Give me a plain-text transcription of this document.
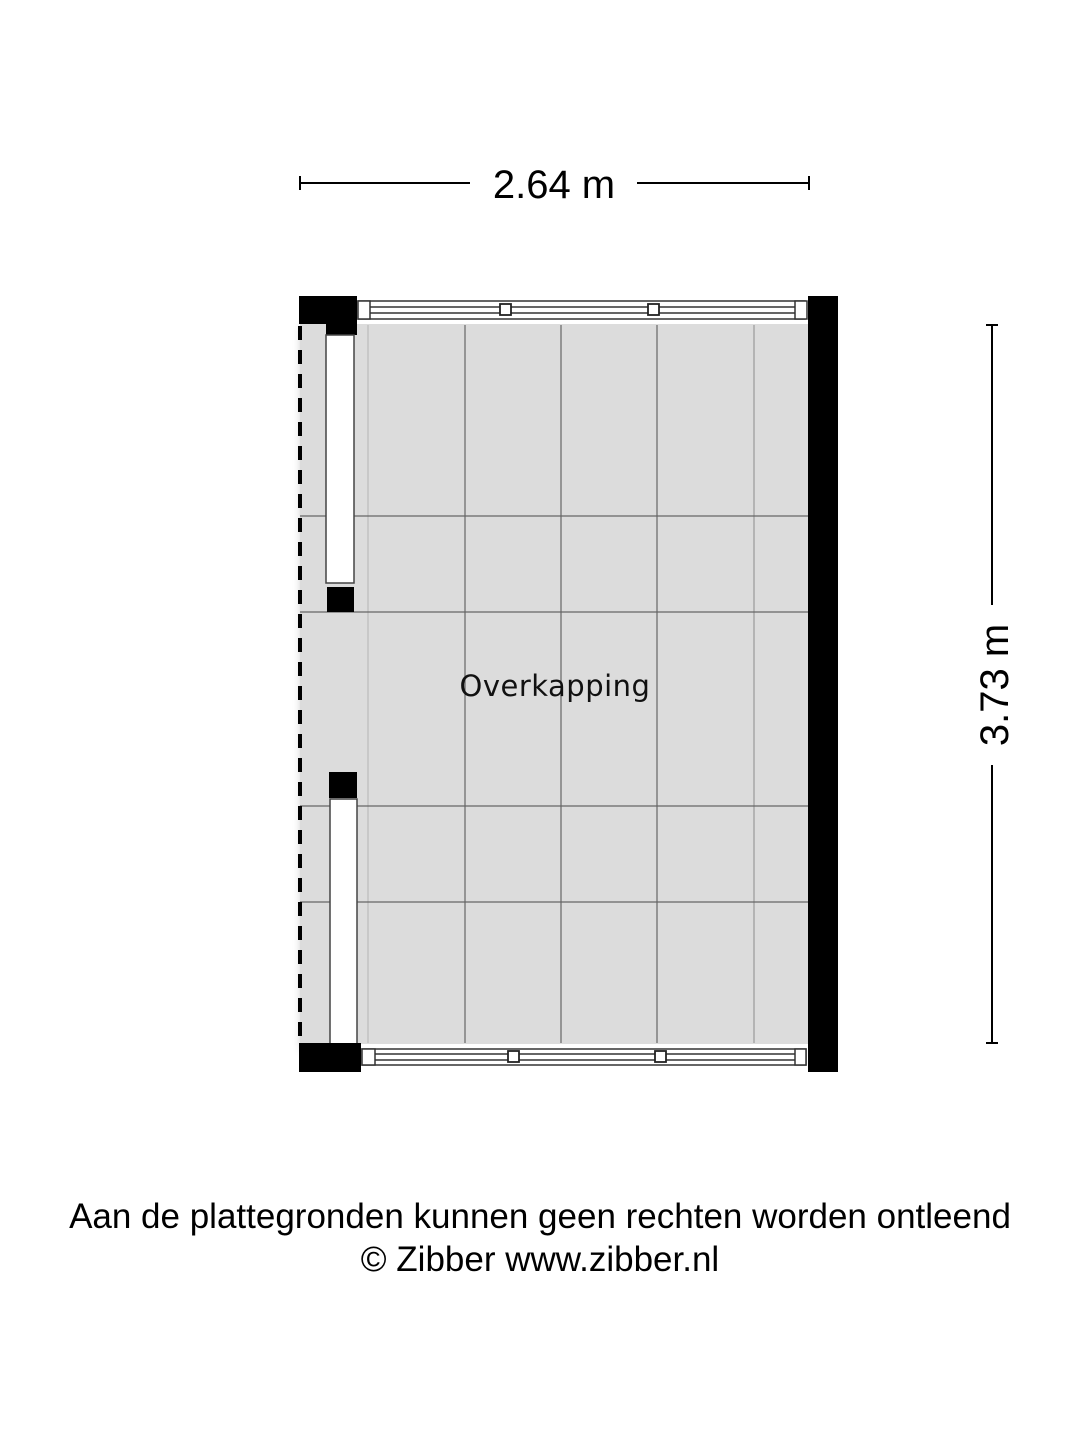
2.64 m
3.73 m
Overkapping
Aan de plattegronden kunnen geen rechten worden ontleend
© Zibber www.zibber.nl
